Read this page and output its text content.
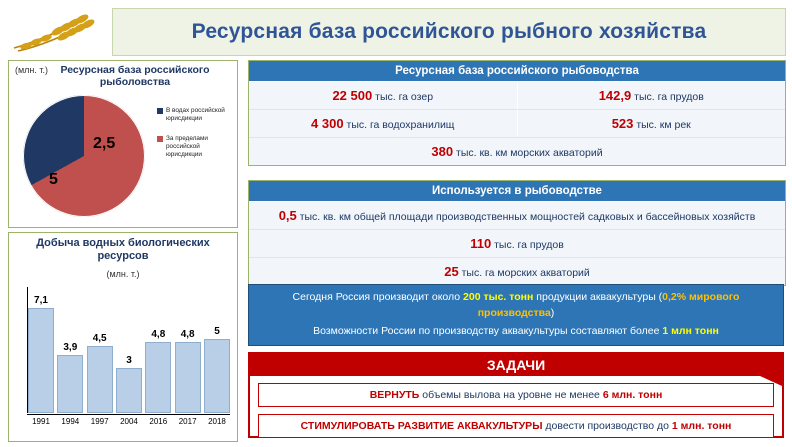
Ресурсная база российского рыбного хозяйства
(млн. т.)	Ресурсная база российского рыболовства
2,5
5
В водах российской юрисдикции
За пределами российской юрисдикции
Добыча водных биологических ресурсов
(млн. т.)
7,1
3,9
4,5
3
4,8 4,8 5
1991	1994	1997	2004	2016	2017	2018
Ресурсная база российского рыбоводства
22 500 тыс. га озер	142,9 тыс. га прудов
4 300 тыс. га водохранилищ	523 тыс. км рек
380 тыс. кв. км морских акваторий
Используется в рыбоводстве
0,5 тыс. кв. км общей площади производственных мощностей садковых и бассейновых хозяйств
110 тыс. га прудов
25 тыс. га морских акваторий
Сегодня Россия производит около 200 тыс. тонн продукции аквакультуры (0,2% мирового производства)
Возможности России по производству аквакультуры составляют более 1 млн тонн
ЗАДАЧИ
ВЕРНУТЬ объемы вылова на уровне не менее 6 млн. тонн
СТИМУЛИРОВАТЬ РАЗВИТИЕ АКВАКУЛЬТУРЫ довести производство до 1 млн. тонн
